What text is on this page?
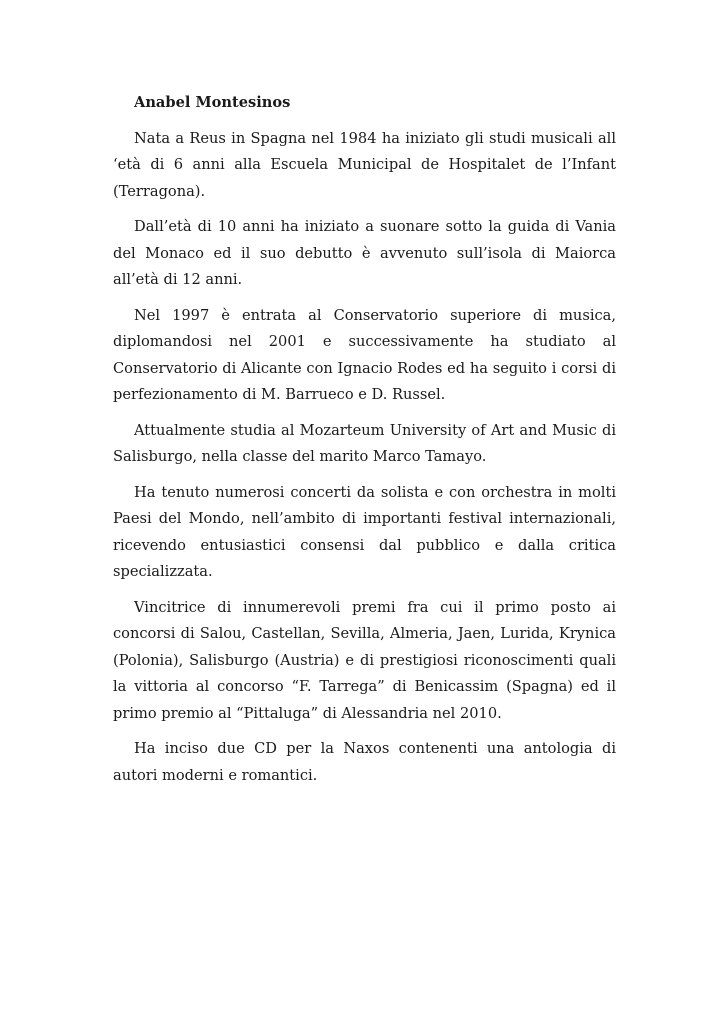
Anabel Montesinos

Nata a Reus in Spagna nel 1984 ha iniziato gli studi musicali all ‘età di 6 anni alla Escuela Municipal de Hospitalet de l’Infant (Terragona).

Dall’età di 10 anni ha iniziato a suonare sotto la guida di Vania del Monaco ed il suo debutto è avvenuto sull’isola di Maiorca all’età di 12 anni.

Nel 1997 è entrata al Conservatorio superiore di musica, diplomandosi nel 2001 e successivamente ha studiato al Conservatorio di Alicante con Ignacio Rodes ed ha seguito i corsi di perfezionamento di M. Barrueco e D. Russel.

Attualmente studia al Mozarteum University of Art and Music di Salisburgo, nella classe del marito Marco Tamayo.

Ha tenuto numerosi concerti da solista e con orchestra in molti Paesi del Mondo, nell’ambito di importanti festival internazionali, ricevendo entusiastici consensi dal pubblico e dalla critica specializzata.

Vincitrice di innumerevoli premi fra cui il primo posto ai concorsi di Salou, Castellan, Sevilla, Almeria, Jaen, Lurida, Krynica (Polonia), Salisburgo (Austria) e di prestigiosi riconoscimenti quali la vittoria al concorso “F. Tarrega” di Benicassim (Spagna) ed il primo premio al “Pittaluga” di Alessandria nel 2010.

Ha inciso due CD per la Naxos contenenti una antologia di autori moderni e romantici.
